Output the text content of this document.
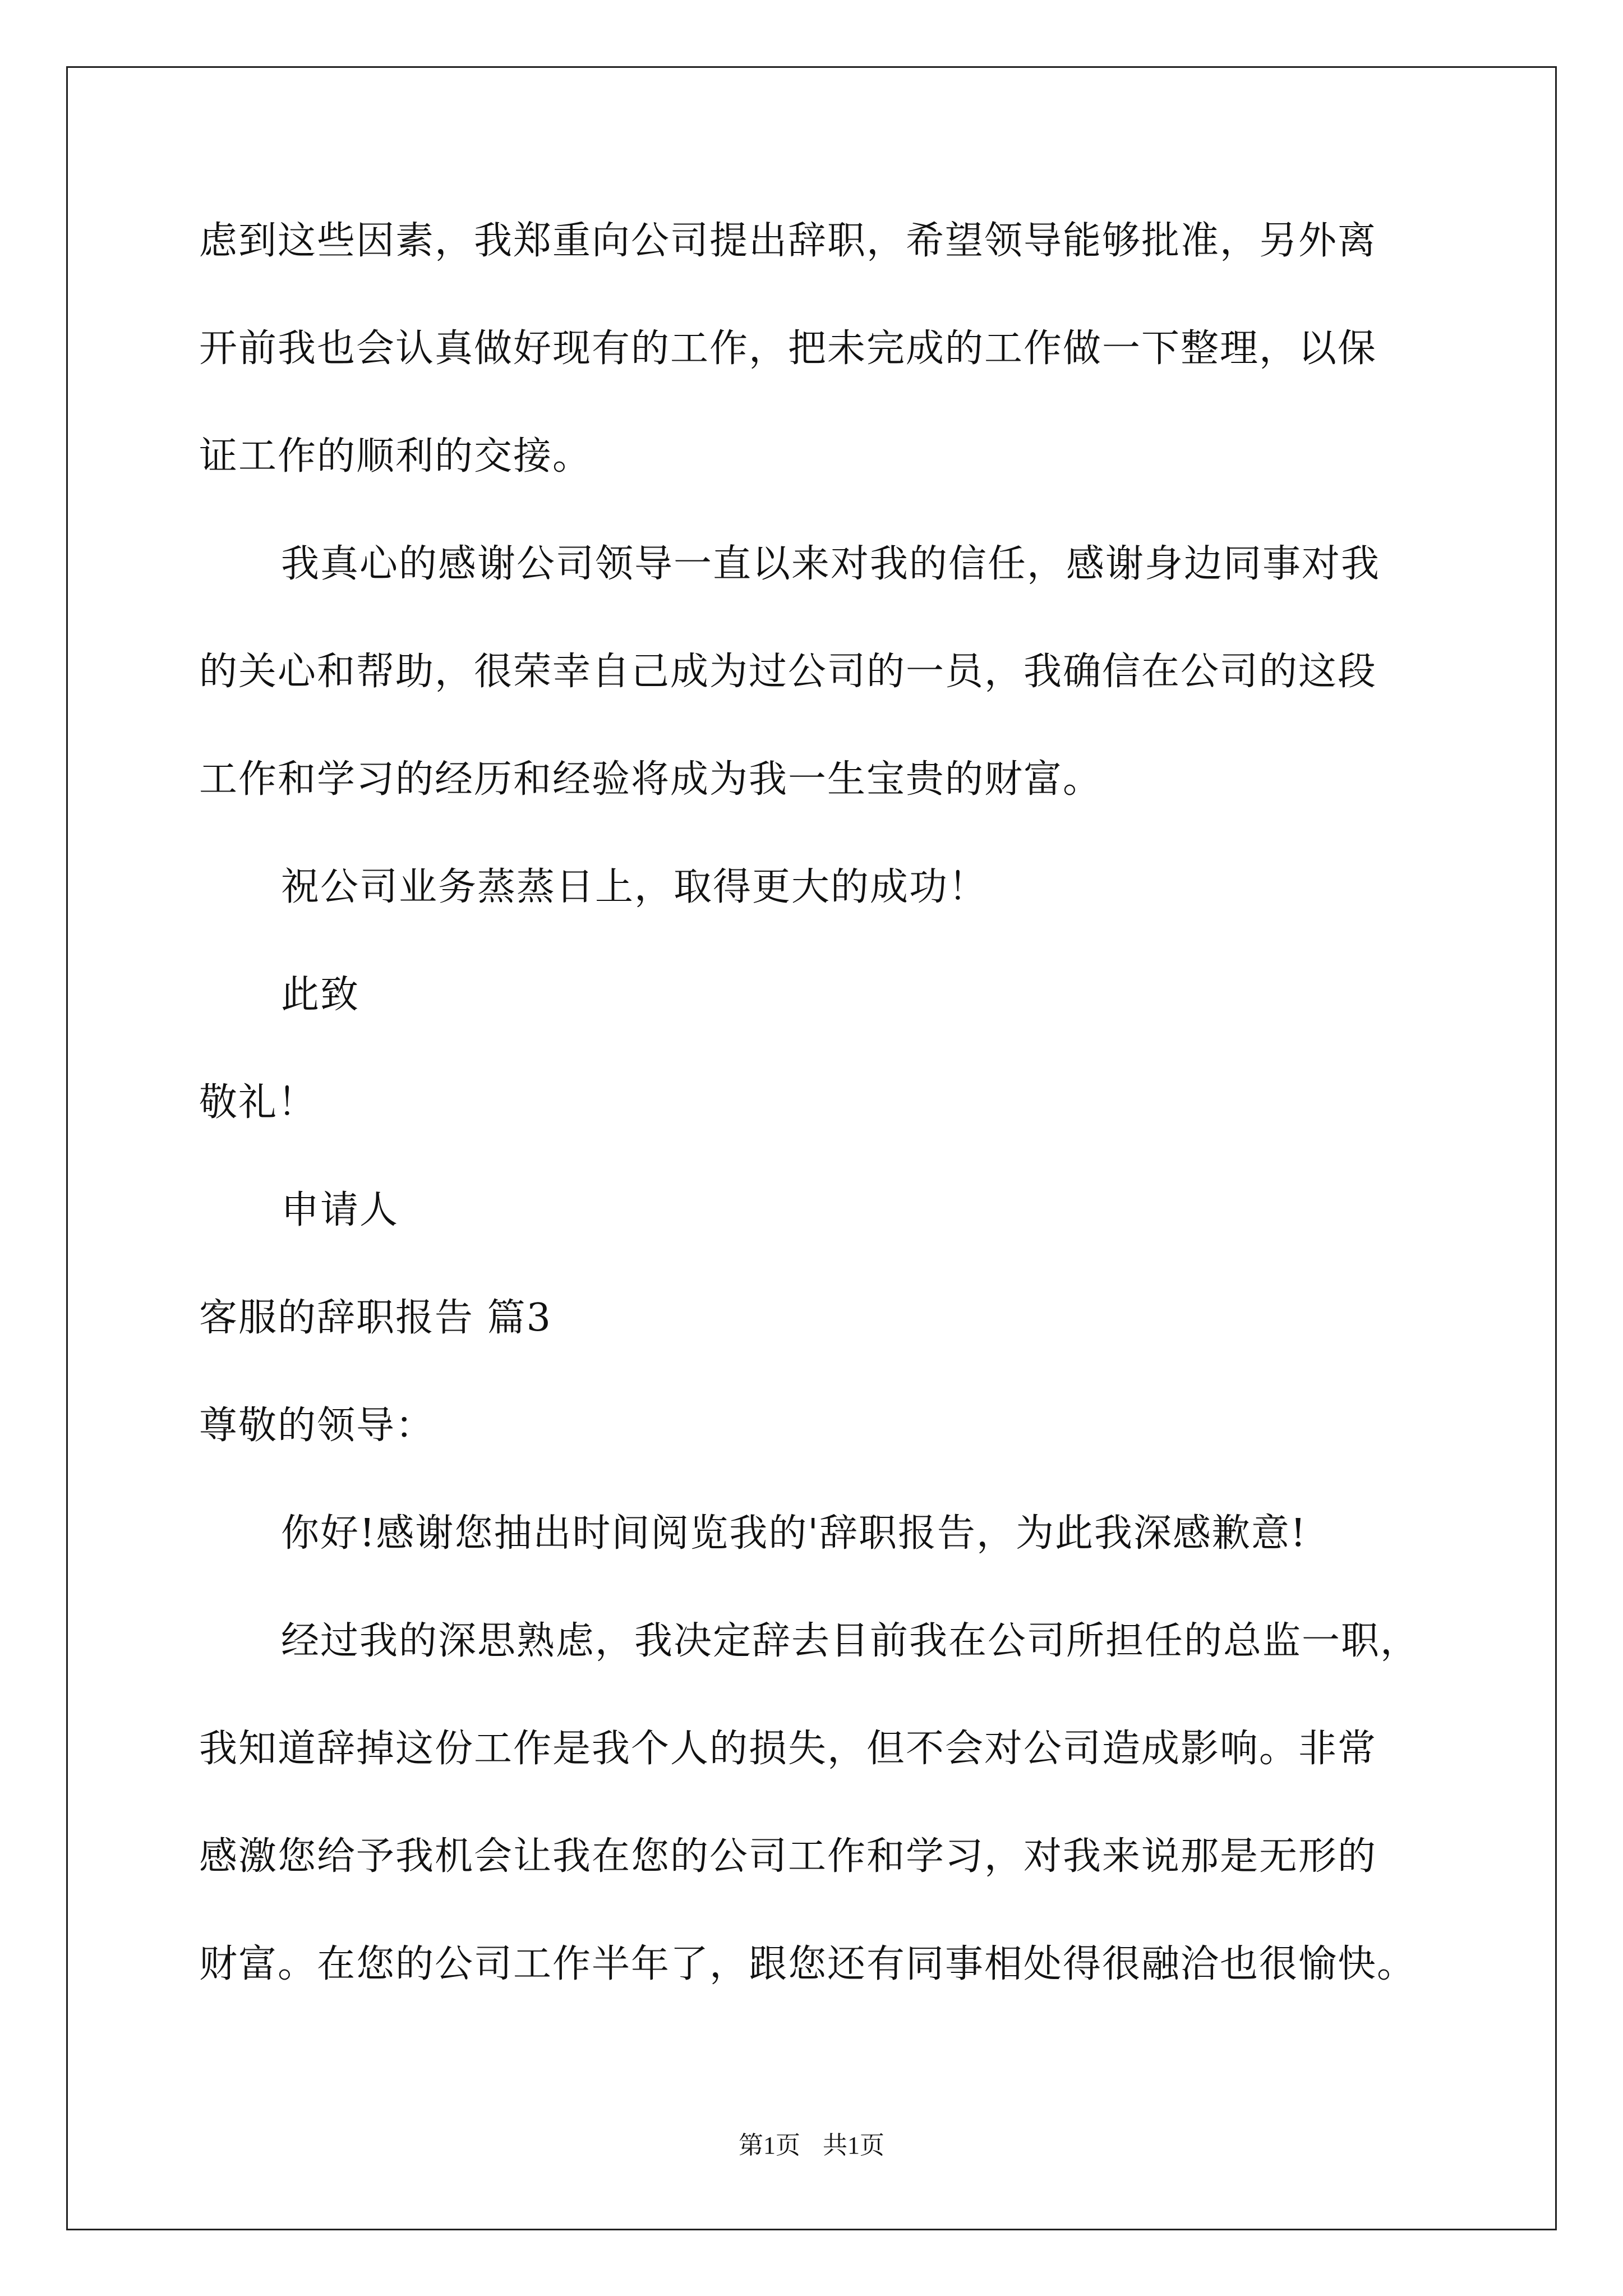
虑到这些因素，我郑重向公司提出辞职，希望领导能够批准，另外离
开前我也会认真做好现有的工作，把未完成的工作做一下整理，以保
证工作的顺利的交接。
我真心的感谢公司领导一直以来对我的信任，感谢身边同事对我
的关心和帮助，很荣幸自己成为过公司的一员，我确信在公司的这段
工作和学习的经历和经验将成为我一生宝贵的财富。
祝公司业务蒸蒸日上，取得更大的成功！
此致
敬礼！
申请人
客服的辞职报告 篇3
尊敬的领导：
你好!感谢您抽出时间阅览我的'辞职报告，为此我深感歉意!
经过我的深思熟虑，我决定辞去目前我在公司所担任的总监一职，
我知道辞掉这份工作是我个人的损失，但不会对公司造成影响。非常
感激您给予我机会让我在您的公司工作和学习，对我来说那是无形的
财富。在您的公司工作半年了，跟您还有同事相处得很融洽也很愉快。
第1页 共1页
